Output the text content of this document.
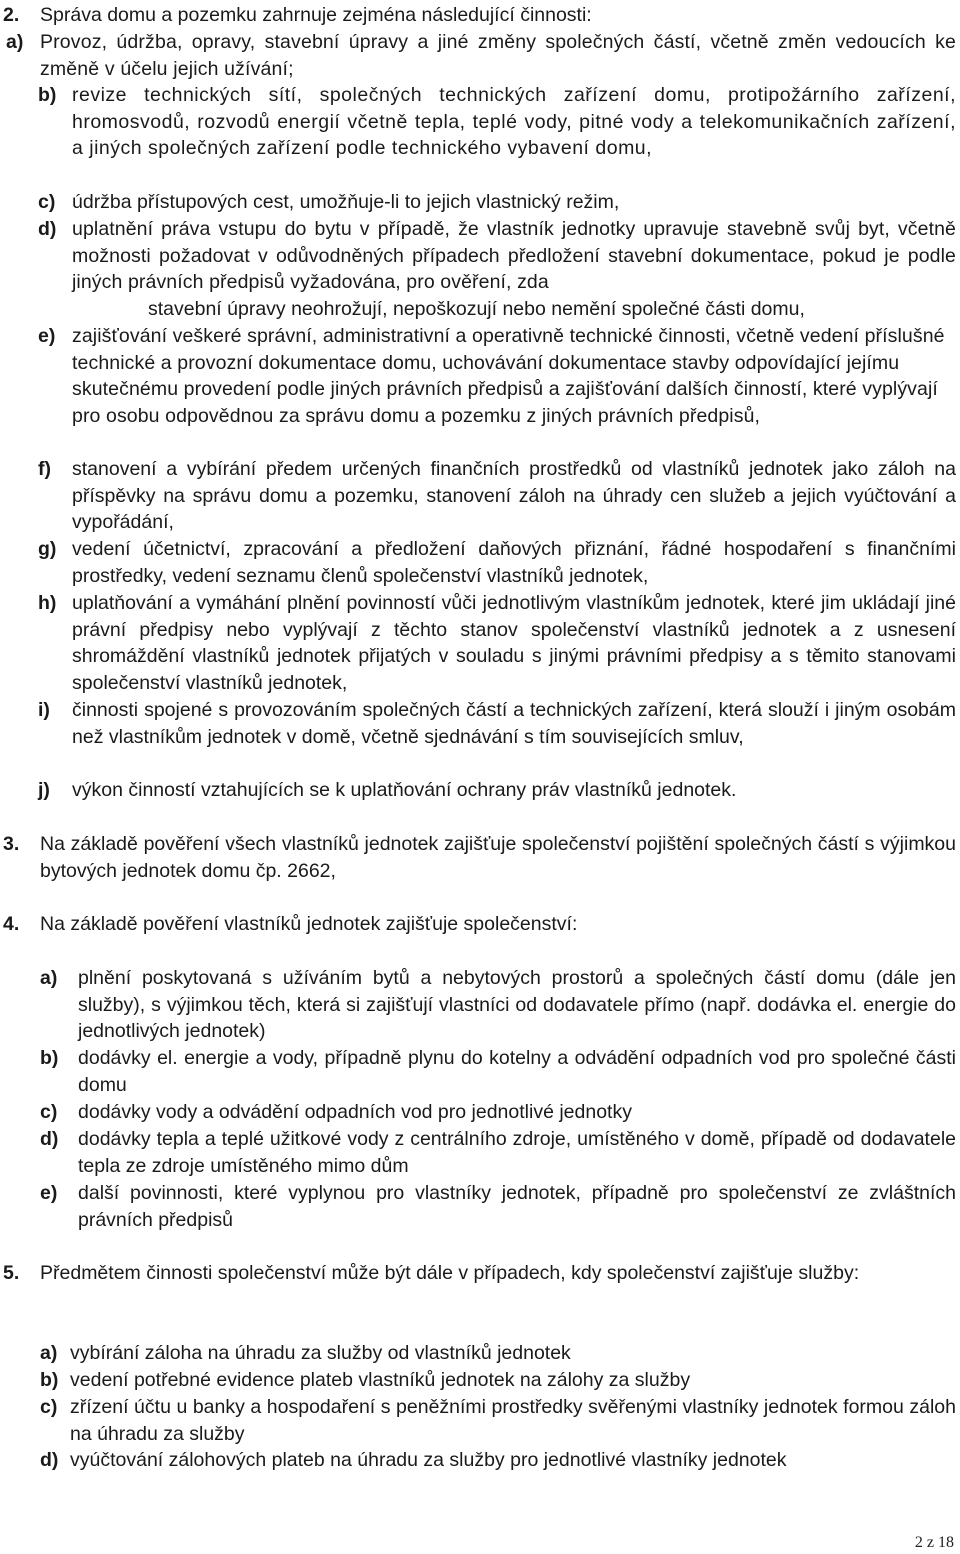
2. Správa domu a pozemku zahrnuje zejména následující činnosti:
a) Provoz, údržba, opravy, stavební úpravy a jiné změny společných částí, včetně změn vedoucích ke změně v účelu jejich užívání;
b) revize technických sítí, společných technických zařízení domu, protipožárního zařízení, hromosvodů, rozvodů energií včetně tepla, teplé vody, pitné vody a telekomunikačních zařízení, a jiných společných zařízení podle technického vybavení domu,
c) údržba přístupových cest, umožňuje-li to jejich vlastnický režim,
d) uplatnění práva vstupu do bytu v případě, že vlastník jednotky upravuje stavebně svůj byt, včetně možnosti požadovat v odůvodněných případech předložení stavební dokumentace, pokud je podle jiných právních předpisů vyžadována, pro ověření, zda
stavební úpravy neohrožují, nepoškozují nebo nemění společné části domu,
e) zajišťování veškeré správní, administrativní a operativně technické činnosti, včetně vedení příslušné technické a provozní dokumentace domu, uchovávání dokumentace stavby odpovídající jejímu skutečnému provedení podle jiných právních předpisů a zajišťování dalších činností, které vyplývají pro osobu odpovědnou za správu domu a pozemku z jiných právních předpisů,
f)	stanovení a vybírání předem určených finančních prostředků od vlastníků jednotek jako záloh na příspěvky na správu domu a pozemku, stanovení záloh na úhrady cen služeb a jejich vyúčtování a vypořádání,
g) vedení účetnictví, zpracování a předložení daňových přiznání, řádné hospodaření s finančními prostředky, vedení seznamu členů společenství vlastníků jednotek,
h) uplatňování a vymáhání plnění povinností vůči jednotlivým vlastníkům jednotek, které jim ukládají jiné právní předpisy nebo vyplývají z těchto stanov společenství vlastníků jednotek a z usnesení shromáždění vlastníků jednotek přijatých v souladu s jinými právními předpisy a s těmito stanovami společenství vlastníků jednotek,
i)	činnosti spojené s provozováním společných částí a technických zařízení, která slouží i jiným osobám než vlastníkům jednotek v domě, včetně sjednávání s tím souvisejících smluv,
j)	výkon činností vztahujících se k uplatňování ochrany práv vlastníků jednotek.
3. Na základě pověření všech vlastníků jednotek zajišťuje společenství pojištění společných částí s výjimkou bytových jednotek domu čp. 2662,
4. Na základě pověření vlastníků jednotek zajišťuje společenství:
a)	plnění poskytovaná s užíváním bytů a nebytových prostorů a společných částí domu (dále jen služby), s výjimkou těch, která si zajišťují vlastníci od dodavatele přímo (např. dodávka el. energie do jednotlivých jednotek)
b)	dodávky el. energie a vody, případně plynu do kotelny a odvádění odpadních vod pro společné části domu
c)	dodávky vody a odvádění odpadních vod pro jednotlivé jednotky
d)	dodávky tepla a teplé užitkové vody z centrálního zdroje, umístěného v domě, případě od dodavatele tepla ze zdroje umístěného mimo dům
e)	další povinnosti, které vyplynou pro vlastníky jednotek, případně pro společenství ze zvláštních právních předpisů
5. Předmětem činnosti společenství může být dále v případech, kdy společenství zajišťuje služby:
a) vybírání záloha na úhradu za služby od vlastníků jednotek
b) vedení potřebné evidence plateb vlastníků jednotek na zálohy za služby
c) zřízení účtu u banky a hospodaření s peněžními prostředky svěřenými vlastníky jednotek formou záloh na úhradu za služby
d) vyúčtování zálohových plateb na úhradu za služby pro jednotlivé vlastníky jednotek
2 z 18
